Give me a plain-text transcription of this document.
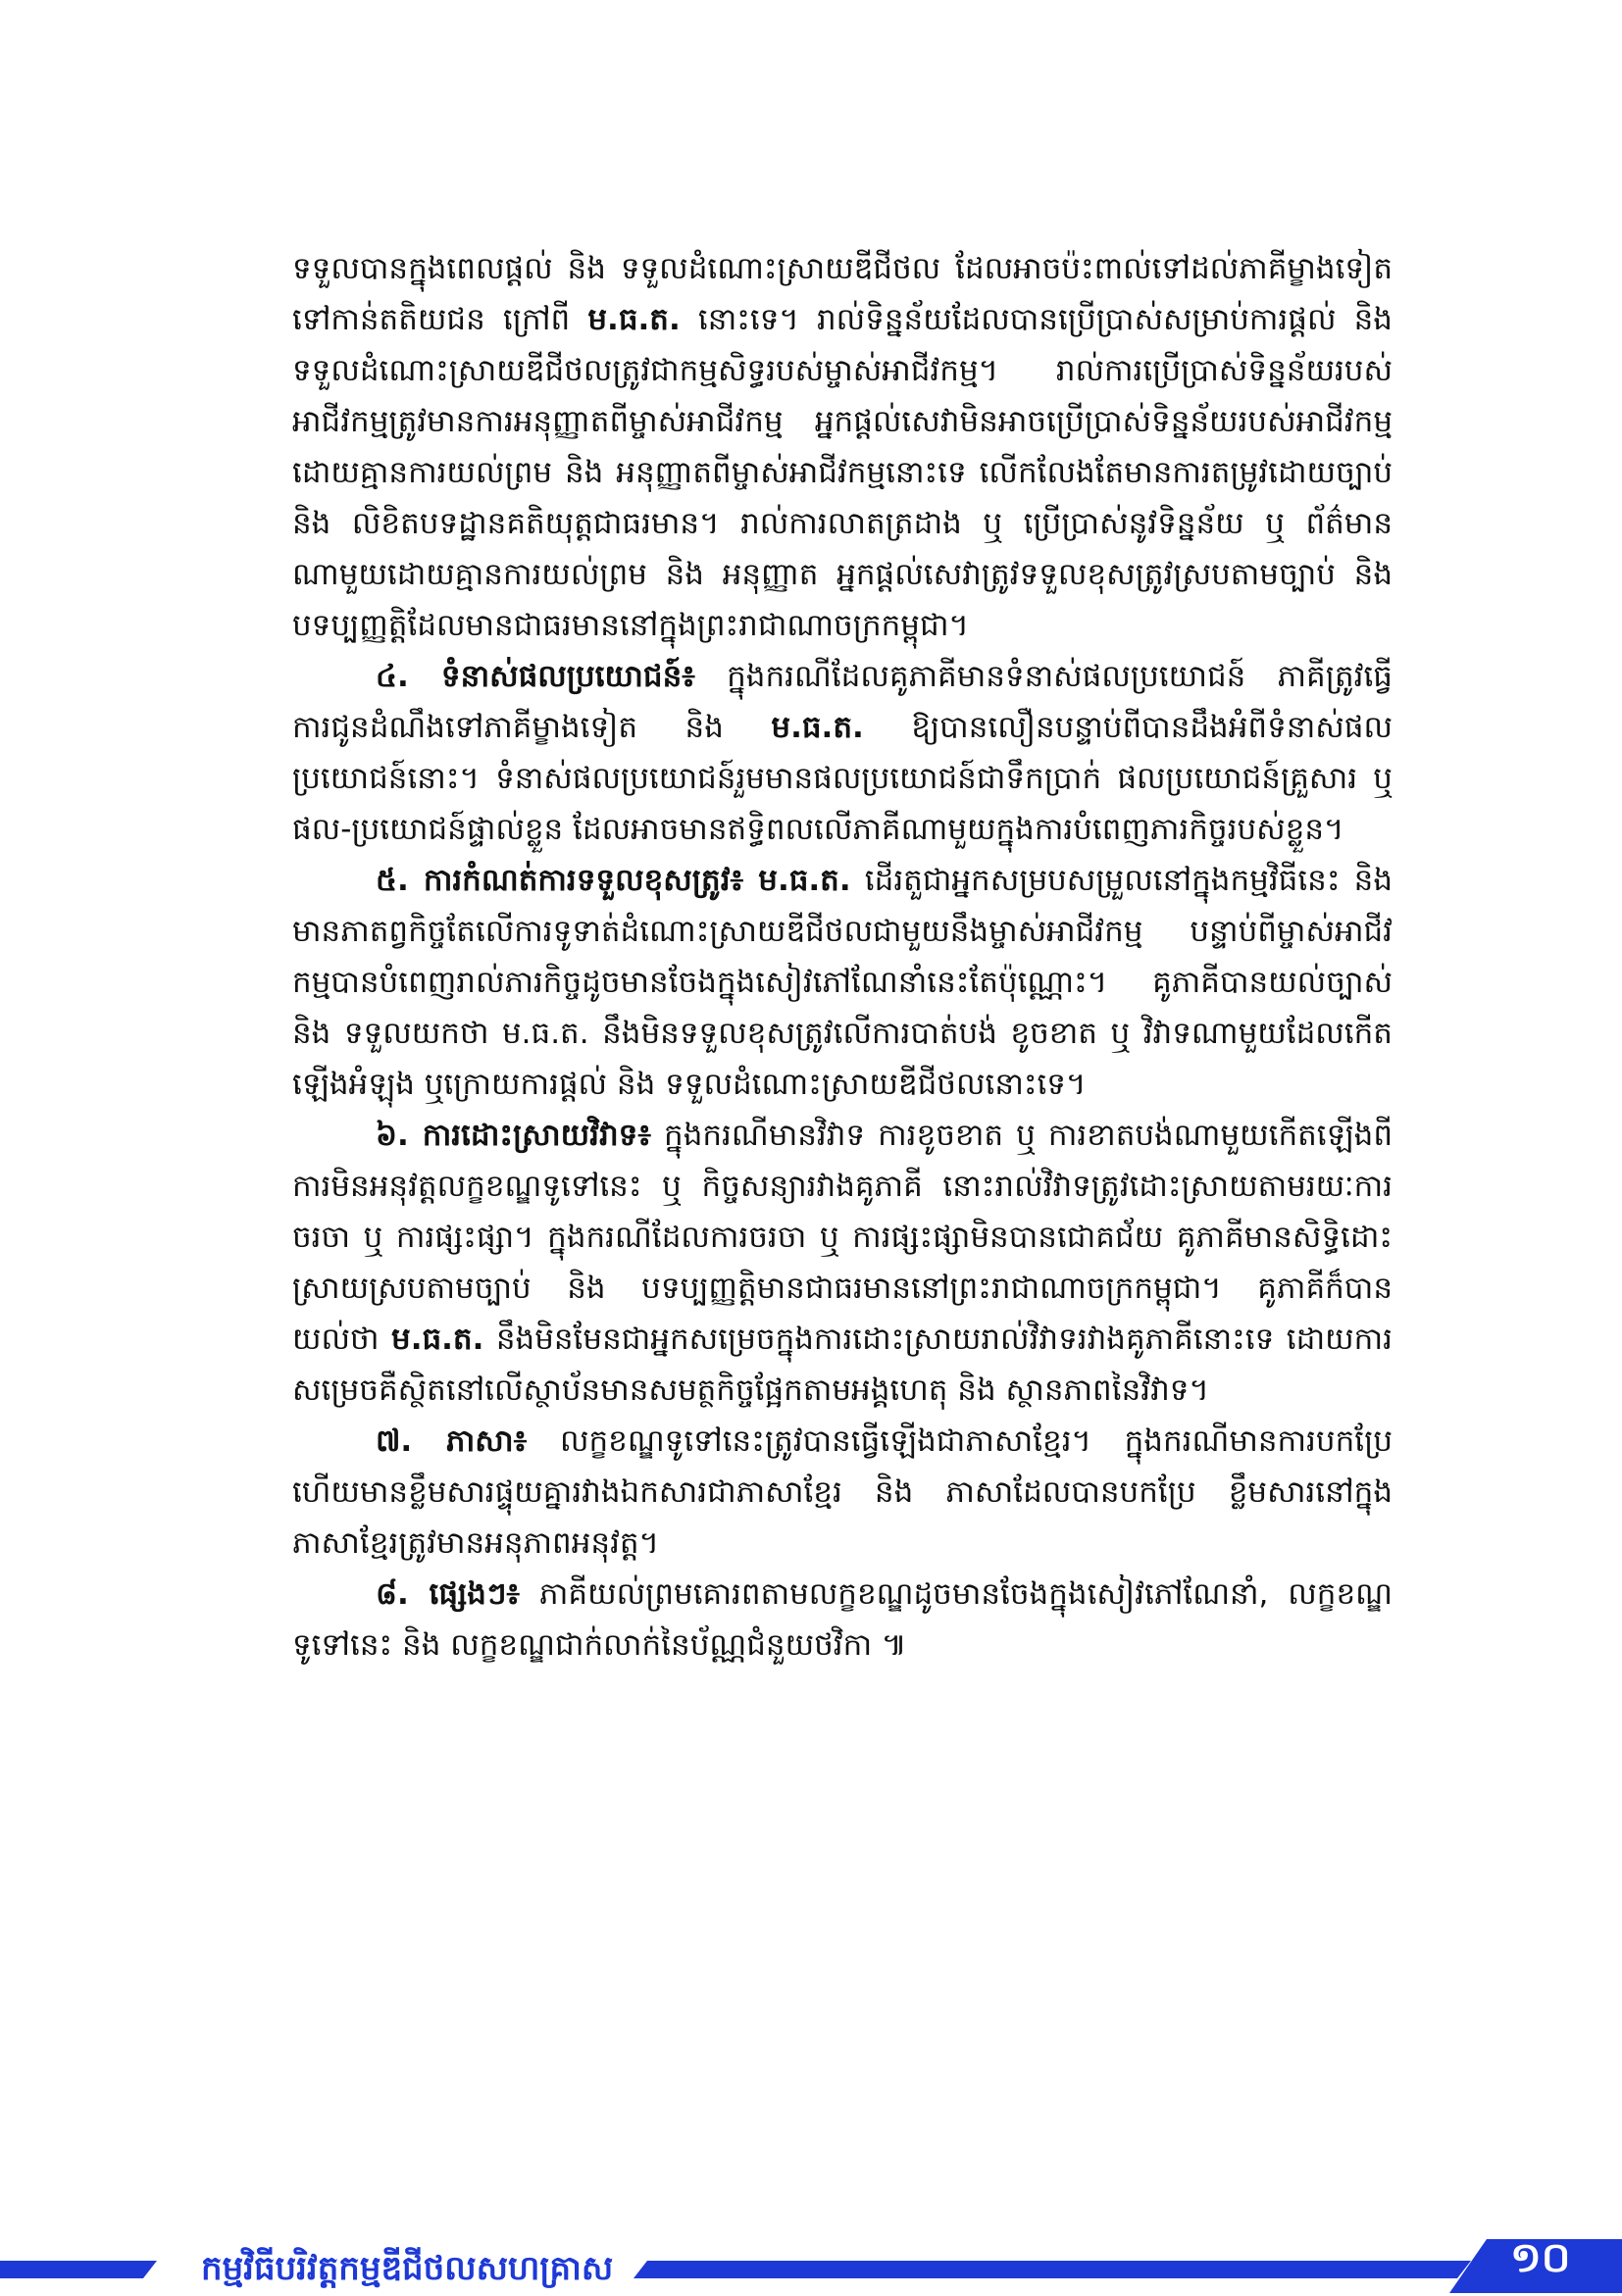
ទទួលបានក្នុងពេលផ្តល់ និង ទទួលដំណោះស្រាយឌីជីថល ដែលអាចប៉ះពាល់ទៅដល់ភាគីម្ខាងទៀត ទៅកាន់តតិយជន ក្រៅពី ម.ធ.ត. នោះទេ។ រាល់ទិន្នន័យដែលបានប្រើប្រាស់សម្រាប់ការផ្តល់ និង ទទួលដំណោះស្រាយឌីជីថលត្រូវជាកម្មសិទ្ធរបស់ម្ចាស់អាជីវកម្ម។ រាល់ការប្រើប្រាស់ទិន្នន័យរបស់អាជីវកម្មត្រូវមានការអនុញ្ញាតពីម្ចាស់អាជីវកម្ម អ្នកផ្តល់សេវាមិនអាចប្រើប្រាស់ទិន្នន័យរបស់អាជីវកម្មដោយគ្មានការយល់ព្រម និង អនុញ្ញាតពីម្ចាស់អាជីវកម្មនោះទេ លើកលែងតែមានការតម្រូវដោយច្បាប់ និង លិខិតបទដ្ឋានគតិយុត្តជាធរមាន។ រាល់ការលាតត្រដាង ឬ ប្រើប្រាស់នូវទិន្នន័យ ឬ ព័ត៌មានណាមួយដោយគ្មានការយល់ព្រម និង អនុញ្ញាត អ្នកផ្តល់សេវាត្រូវទទួលខុសត្រូវស្របតាមច្បាប់ និង បទប្បញ្ញត្តិដែលមានជាធរមាននៅក្នុងព្រះរាជាណាចក្រកម្ពុជា។

៤. ទំនាស់ផលប្រយោជន៍៖ ក្នុងករណីដែលគូភាគីមានទំនាស់ផលប្រយោជន៍ ភាគីត្រូវធ្វើការជូនដំណឹងទៅភាគីម្ខាងទៀត និង ម.ធ.ត. ឱ្យបានលឿនបន្ទាប់ពីបានដឹងអំពីទំនាស់ផលប្រយោជន៍នោះ។ ទំនាស់ផលប្រយោជន៍រួមមានផលប្រយោជន៍ជាទឹកប្រាក់ ផលប្រយោជន៍គ្រួសារ ឬ ផល-ប្រយោជន៍ផ្ទាល់ខ្លួន ដែលអាចមានឥទ្ធិពលលើភាគីណាមួយក្នុងការបំពេញភារកិច្ចរបស់ខ្លួន។

៥. ការកំណត់ការទទួលខុសត្រូវ៖ ម.ធ.ត. ដើរតួជាអ្នកសម្របសម្រួលនៅក្នុងកម្មវិធីនេះ និង មានភាតព្វកិច្ចតែលើការទូទាត់ដំណោះស្រាយឌីជីថលជាមួយនឹងម្ចាស់អាជីវកម្ម បន្ទាប់ពីម្ចាស់អាជីវកម្មបានបំពេញរាល់ភារកិច្ចដូចមានចែងក្នុងសៀវភៅណែនាំនេះតែប៉ុណ្ណោះ។ គូភាគីបានយល់ច្បាស់ និង ទទួលយកថា ម.ធ.ត. នឹងមិនទទួលខុសត្រូវលើការបាត់បង់ ខូចខាត ឬ វិវាទណាមួយដែលកើតឡើងអំឡុង ឬក្រោយការផ្តល់ និង ទទួលដំណោះស្រាយឌីជីថលនោះទេ។

៦. ការដោះស្រាយវិវាទ៖ ក្នុងករណីមានវិវាទ ការខូចខាត ឬ ការខាតបង់ណាមួយកើតឡើងពីការមិនអនុវត្តលក្ខខណ្ឌទូទៅនេះ ឬ កិច្ចសន្យារវាងគូភាគី នោះរាល់វិវាទត្រូវដោះស្រាយតាមរយៈការចរចា ឬ ការផ្សះផ្សា។ ក្នុងករណីដែលការចរចា ឬ ការផ្សះផ្សាមិនបានជោគជ័យ គូភាគីមានសិទ្ធិដោះស្រាយស្របតាមច្បាប់ និង បទប្បញ្ញត្តិមានជាធរមាននៅព្រះរាជាណាចក្រកម្ពុជា។ គូភាគីក៏បានយល់ថា ម.ធ.ត. នឹងមិនមែនជាអ្នកសម្រេចក្នុងការដោះស្រាយរាល់វិវាទរវាងគូភាគីនោះទេ ដោយការសម្រេចគឺស្ថិតនៅលើស្ថាប័នមានសមត្ថកិច្ចផ្អែកតាមអង្គហេតុ និង ស្ថានភាពនៃវិវាទ។

៧. ភាសា៖ លក្ខខណ្ឌទូទៅនេះត្រូវបានធ្វើឡើងជាភាសាខ្មែរ។ ក្នុងករណីមានការបកប្រែ ហើយមានខ្លឹមសារផ្ទុយគ្នារវាងឯកសារជាភាសាខ្មែរ និង ភាសាដែលបានបកប្រែ ខ្លឹមសារនៅក្នុងភាសាខ្មែរត្រូវមានអនុភាពអនុវត្ត។

៨. ផ្សេងៗ៖ ភាគីយល់ព្រមគោរពតាមលក្ខខណ្ឌដូចមានចែងក្នុងសៀវភៅណែនាំ, លក្ខខណ្ឌទូទៅនេះ និង លក្ខខណ្ឌជាក់លាក់នៃប័ណ្ណជំនួយថវិកា ៕

កម្មវិធីបរិវត្តកម្មឌីជីថលសហគ្រាស	១០
